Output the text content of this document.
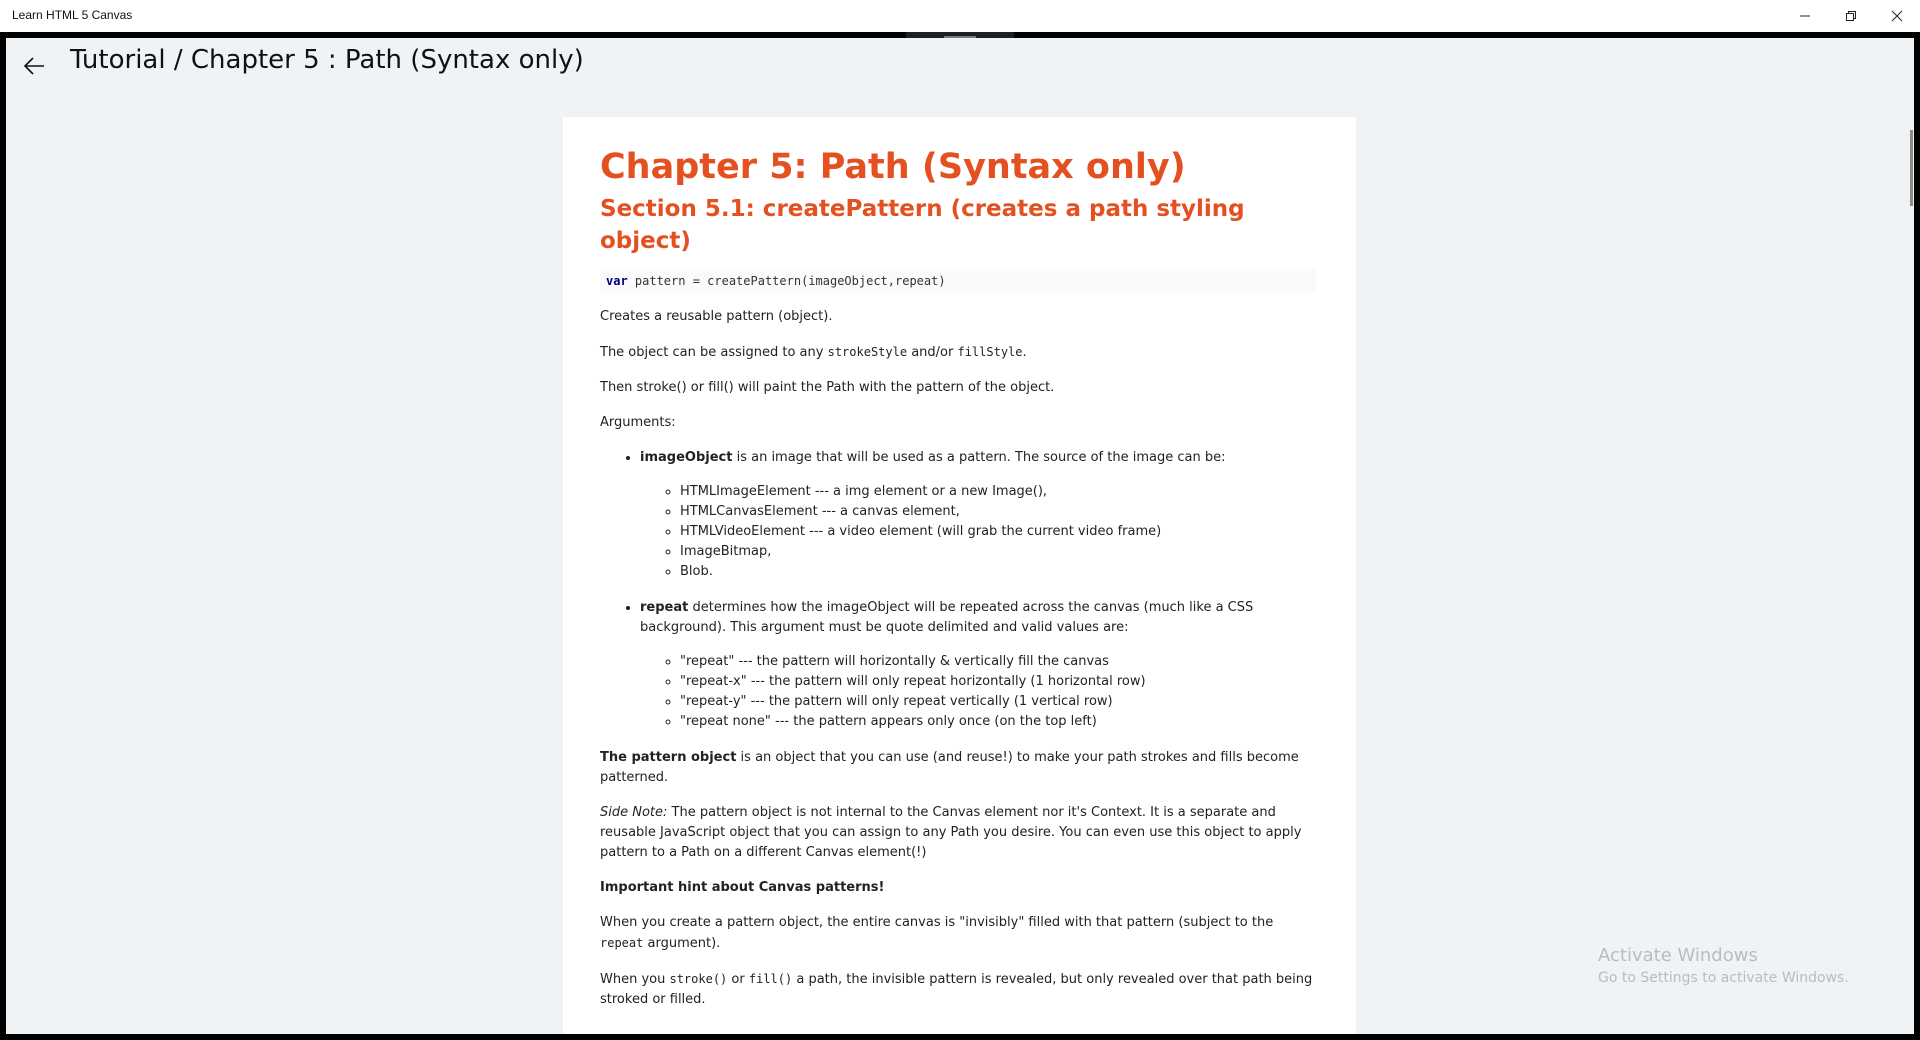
Learn HTML 5 Canvas
Tutorial / Chapter 5 : Path (Syntax only)
Chapter 5: Path (Syntax only)
Section 5.1: createPattern (creates a path styling object)
var pattern = createPattern(imageObject,repeat)

Creates a reusable pattern (object).

The object can be assigned to any strokeStyle and/or fillStyle.

Then stroke() or fill() will paint the Path with the pattern of the object.

Arguments:

• imageObject is an image that will be used as a pattern. The source of the image can be:
◦ HTMLImageElement --- a img element or a new Image(),
◦ HTMLCanvasElement --- a canvas element,
◦ HTMLVideoElement --- a video element (will grab the current video frame)
◦ ImageBitmap,
◦ Blob.
• repeat determines how the imageObject will be repeated across the canvas (much like a CSS background). This argument must be quote delimited and valid values are:
◦ "repeat" --- the pattern will horizontally & vertically fill the canvas
◦ "repeat-x" --- the pattern will only repeat horizontally (1 horizontal row)
◦ "repeat-y" --- the pattern will only repeat vertically (1 vertical row)
◦ "repeat none" --- the pattern appears only once (on the top left)

The pattern object is an object that you can use (and reuse!) to make your path strokes and fills become patterned.

Side Note: The pattern object is not internal to the Canvas element nor it's Context. It is a separate and reusable JavaScript object that you can assign to any Path you desire. You can even use this object to apply pattern to a Path on a different Canvas element(!)

Important hint about Canvas patterns!

When you create a pattern object, the entire canvas is "invisibly" filled with that pattern (subject to the repeat argument).

When you stroke() or fill() a path, the invisible pattern is revealed, but only revealed over that path being stroked or filled.

Activate Windows
Go to Settings to activate Windows.
